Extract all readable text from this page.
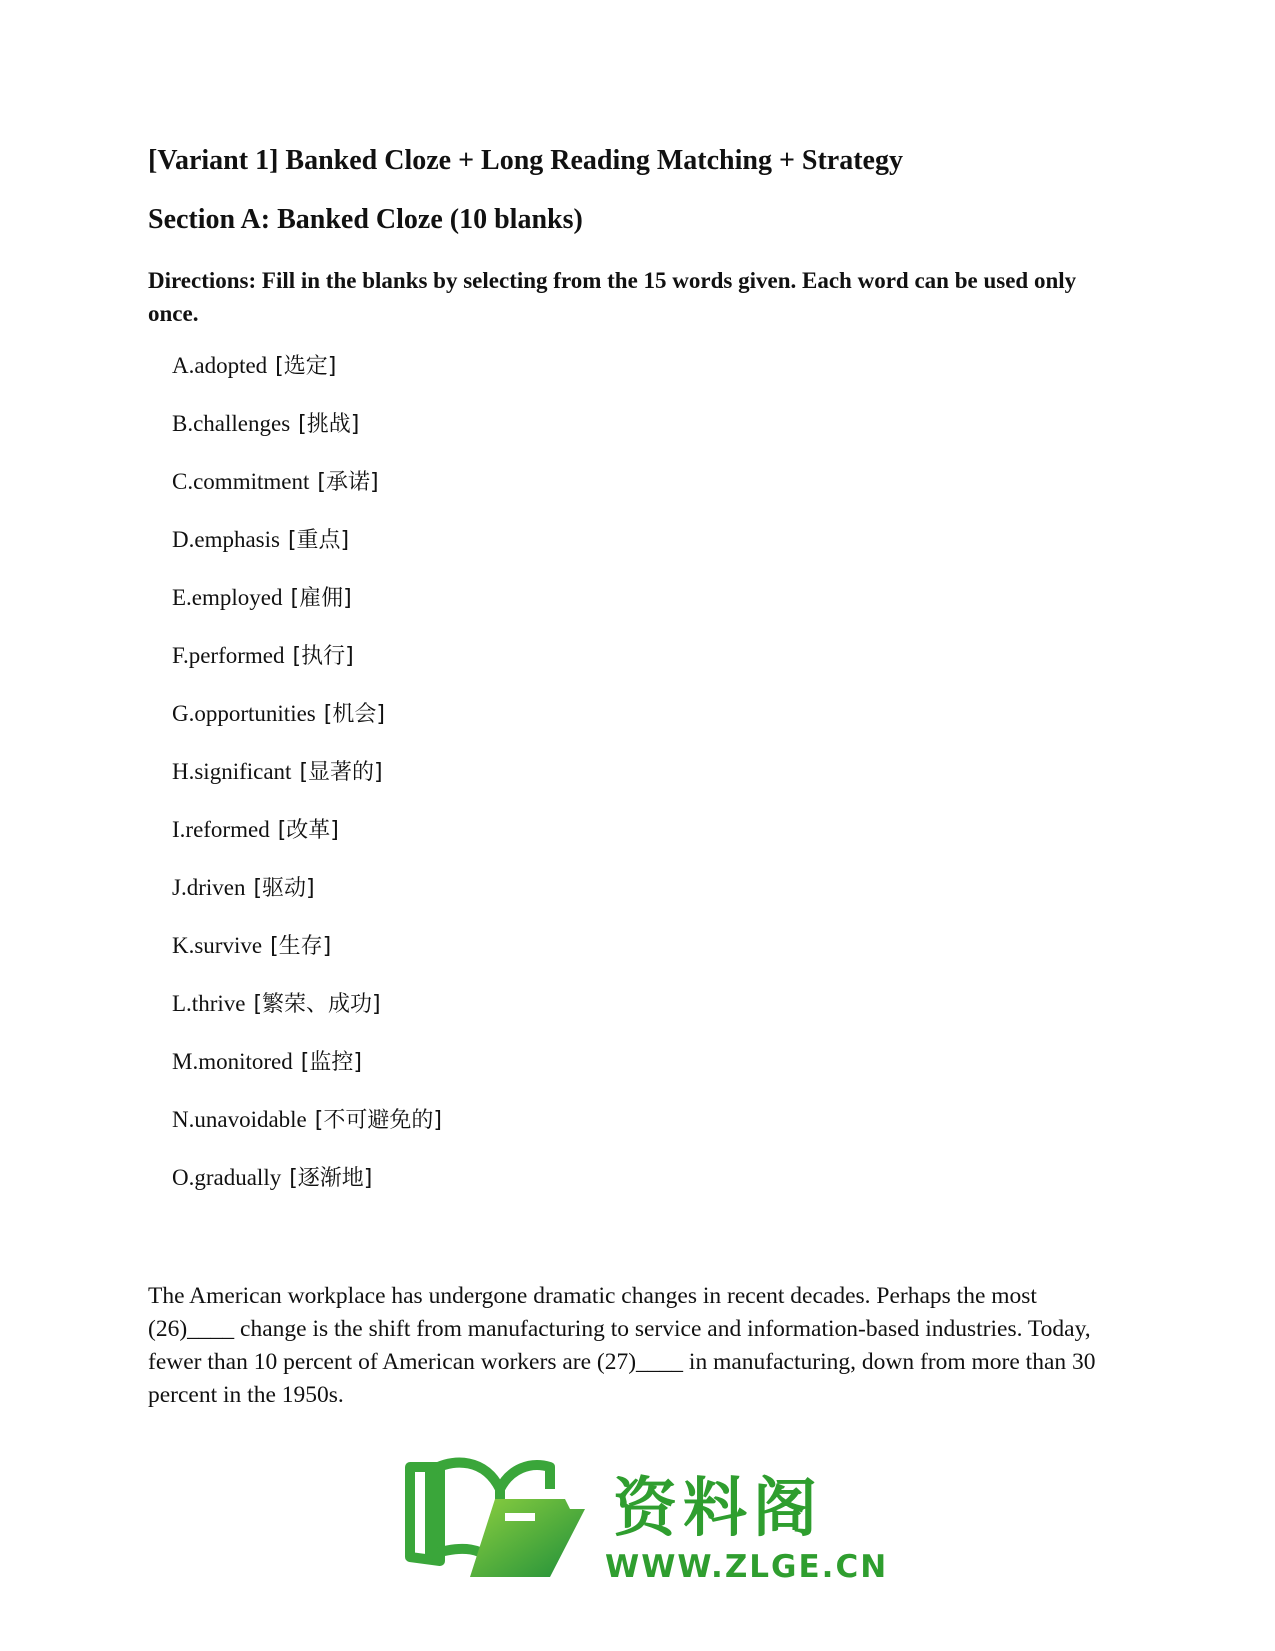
[Variant 1] Banked Cloze + Long Reading Matching + Strategy
Section A: Banked Cloze (10 blanks)

Directions: Fill in the blanks by selecting from the 15 words given. Each word can be used only once.

A.adopted [选定]
B.challenges [挑战]
C.commitment [承诺]
D.emphasis [重点]
E.employed [雇佣]
F.performed [执行]
G.opportunities [机会]
H.significant [显著的]
I.reformed [改革]
J.driven [驱动]
K.survive [生存]
L.thrive [繁荣、成功]
M.monitored [监控]
N.unavoidable [不可避免的]
O.gradually [逐渐地]

The American workplace has undergone dramatic changes in recent decades. Perhaps the most (26)____ change is the shift from manufacturing to service and information-based industries. Today, fewer than 10 percent of American workers are (27)____ in manufacturing, down from more than 30 percent in the 1950s.

资料阁
WWW.ZLGE.CN
